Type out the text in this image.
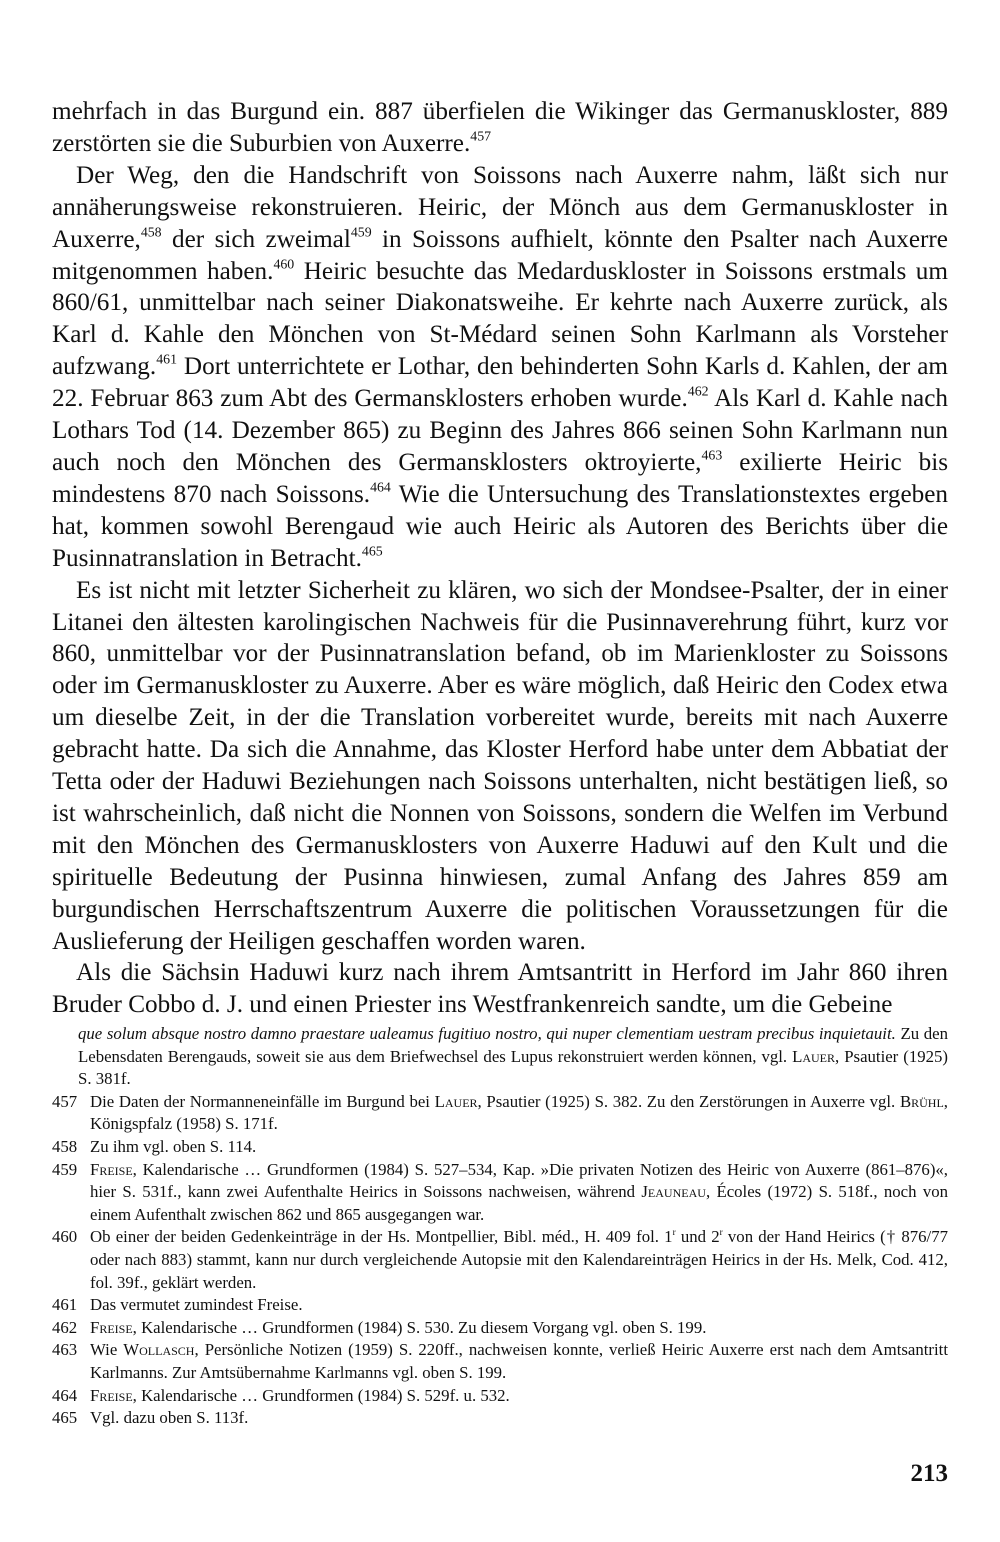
mehrfach in das Burgund ein. 887 überfielen die Wikinger das Germanuskloster, 889 zerstörten sie die Suburbien von Auxerre.$^{457}$

Der Weg, den die Handschrift von Soissons nach Auxerre nahm, läßt sich nur annäherungsweise rekonstruieren. Heiric, der Mönch aus dem Germanuskloster in Auxerre,$^{458}$ der sich zweimal$^{459}$ in Soissons aufhielt, könnte den Psalter nach Auxerre mitgenommen haben.$^{460}$ Heiric besuchte das Medarduskloster in Soissons erstmals um 860/61, unmittelbar nach seiner Diakonatsweihe. Er kehrte nach Auxerre zurück, als Karl d. Kahle den Mönchen von St-Médard seinen Sohn Karlmann als Vorsteher aufzwang.$^{461}$ Dort unterrichtete er Lothar, den behinderten Sohn Karls d. Kahlen, der am 22. Februar 863 zum Abt des Germansklosters erhoben wurde.$^{462}$ Als Karl d. Kahle nach Lothars Tod (14. Dezember 865) zu Beginn des Jahres 866 seinen Sohn Karlmann nun auch noch den Mönchen des Germansklosters oktroyierte,$^{463}$ exilierte Heiric bis mindestens 870 nach Soissons.$^{464}$ Wie die Untersuchung des Translationstextes ergeben hat, kommen sowohl Berengaud wie auch Heiric als Autoren des Berichts über die Pusinnatranslation in Betracht.$^{465}$

Es ist nicht mit letzter Sicherheit zu klären, wo sich der Mondsee-Psalter, der in einer Litanei den ältesten karolingischen Nachweis für die Pusinnaverehrung führt, kurz vor 860, unmittelbar vor der Pusinnatranslation befand, ob im Marienkloster zu Soissons oder im Germanuskloster zu Auxerre. Aber es wäre möglich, daß Heiric den Codex etwa um dieselbe Zeit, in der die Translation vorbereitet wurde, bereits mit nach Auxerre gebracht hatte. Da sich die Annahme, das Kloster Herford habe unter dem Abbatiat der Tetta oder der Haduwi Beziehungen nach Soissons unterhalten, nicht bestätigen ließ, so ist wahrscheinlich, daß nicht die Nonnen von Soissons, sondern die Welfen im Verbund mit den Mönchen des Germanusklosters von Auxerre Haduwi auf den Kult und die spirituelle Bedeutung der Pusinna hinwiesen, zumal Anfang des Jahres 859 am burgundischen Herrschaftszentrum Auxerre die politischen Voraussetzungen für die Auslieferung der Heiligen geschaffen worden waren.

Als die Sächsin Haduwi kurz nach ihrem Amtsantritt in Herford im Jahr 860 ihren Bruder Cobbo d. J. und einen Priester ins Westfrankenreich sandte, um die Gebeine

que solum absque nostro damno praestare ualeamus fugitiuo nostro, qui nuper clementiam uestram precibus inquietauit. Zu den Lebensdaten Berengauds, soweit sie aus dem Briefwechsel des Lupus rekonstruiert werden können, vgl. Lauer, Psautier (1925) S. 381f.

457 Die Daten der Normanneneinfälle im Burgund bei Lauer, Psautier (1925) S. 382. Zu den Zerstörungen in Auxerre vgl. Brühl, Königspfalz (1958) S. 171f.
458 Zu ihm vgl. oben S. 114.
459 Freise, Kalendarische … Grundformen (1984) S. 527–534, Kap. »Die privaten Notizen des Heiric von Auxerre (861–876)«, hier S. 531f., kann zwei Aufenthalte Heirics in Soissons nachweisen, während Jeauneau, Écoles (1972) S. 518f., noch von einem Aufenthalt zwischen 862 und 865 ausgegangen war.
460 Ob einer der beiden Gedenkeinträge in der Hs. Montpellier, Bibl. méd., H. 409 fol. 1$^r$ und 2$^r$ von der Hand Heirics († 876/77 oder nach 883) stammt, kann nur durch vergleichende Autopsie mit den Kalendareinträgen Heirics in der Hs. Melk, Cod. 412, fol. 39f., geklärt werden.
461 Das vermutet zumindest Freise.
462 Freise, Kalendarische … Grundformen (1984) S. 530. Zu diesem Vorgang vgl. oben S. 199.
463 Wie Wollasch, Persönliche Notizen (1959) S. 220ff., nachweisen konnte, verließ Heiric Auxerre erst nach dem Amtsantritt Karlmanns. Zur Amtsübernahme Karlmanns vgl. oben S. 199.
464 Freise, Kalendarische … Grundformen (1984) S. 529f. u. 532.
465 Vgl. dazu oben S. 113f.
213
